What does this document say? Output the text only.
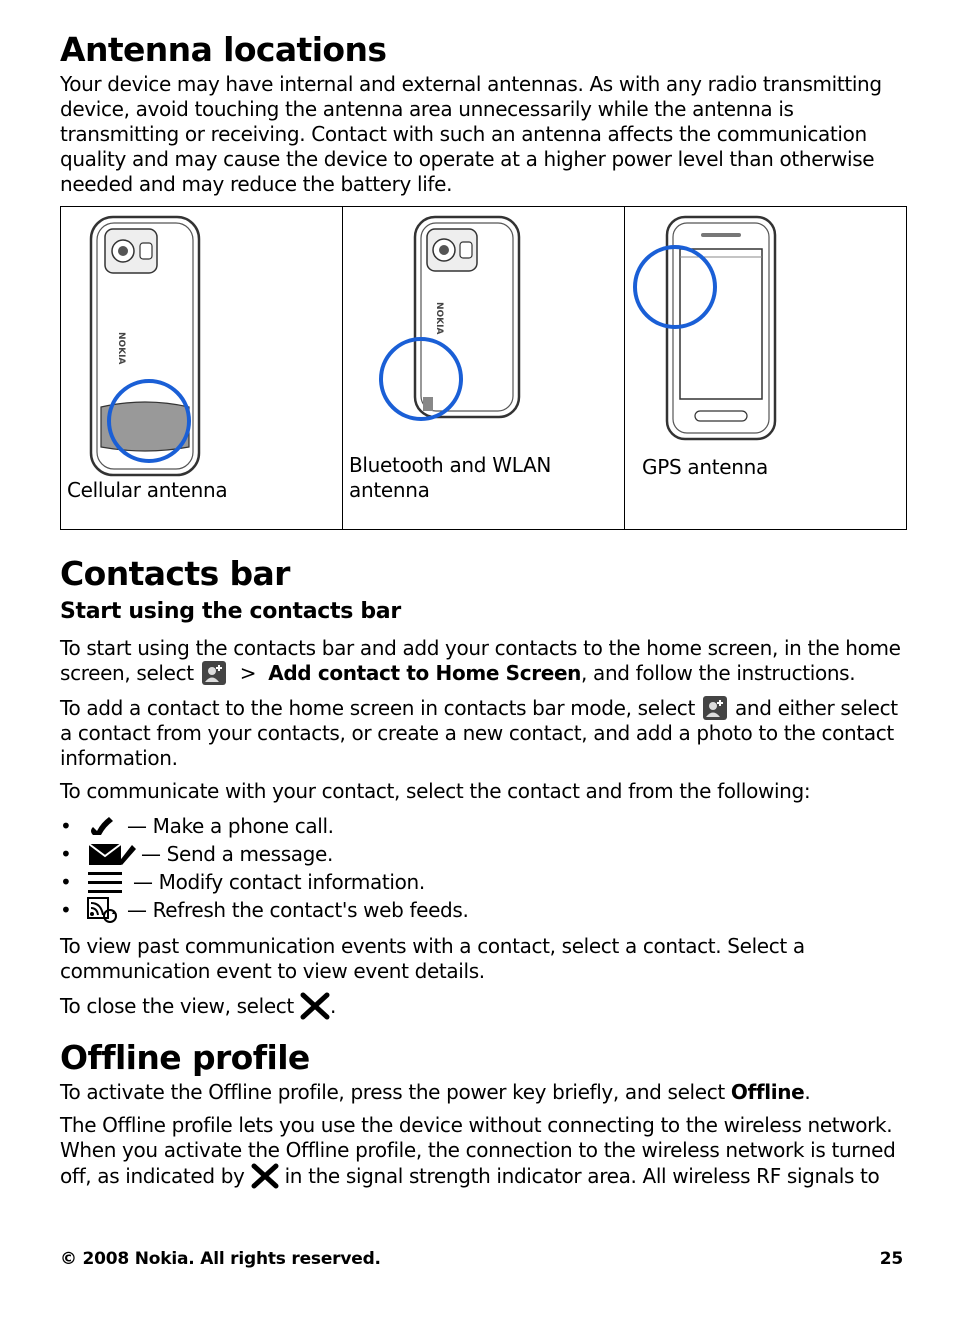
Antenna locations

Your device may have internal and external antennas. As with any radio transmitting device, avoid touching the antenna area unnecessarily while the antenna is transmitting or receiving. Contact with such an antenna affects the communication quality and may cause the device to operate at a higher power level than otherwise needed and may reduce the battery life.

NOKIA
Cellular antenna

NOKIA
Bluetooth and WLAN antenna

GPS antenna
Contacts bar
Start using the contacts bar

To start using the contacts bar and add your contacts to the home screen, in the home screen, select > Add contact to Home Screen, and follow the instructions.

To add a contact to the home screen in contacts bar mode, select and either select a contact from your contacts, or create a new contact, and add a photo to the contact information.

To communicate with your contact, select the contact and from the following:

•	— Make a phone call.
•	— Send a message.
•	— Modify contact information.
•	— Refresh the contact's web feeds.

To view past communication events with a contact, select a contact. Select a communication event to view event details.

To close the view, select .

Offline profile

To activate the Offline profile, press the power key briefly, and select Offline.

The Offline profile lets you use the device without connecting to the wireless network. When you activate the Offline profile, the connection to the wireless network is turned off, as indicated by in the signal strength indicator area. All wireless RF signals to

© 2008 Nokia. All rights reserved.	25
